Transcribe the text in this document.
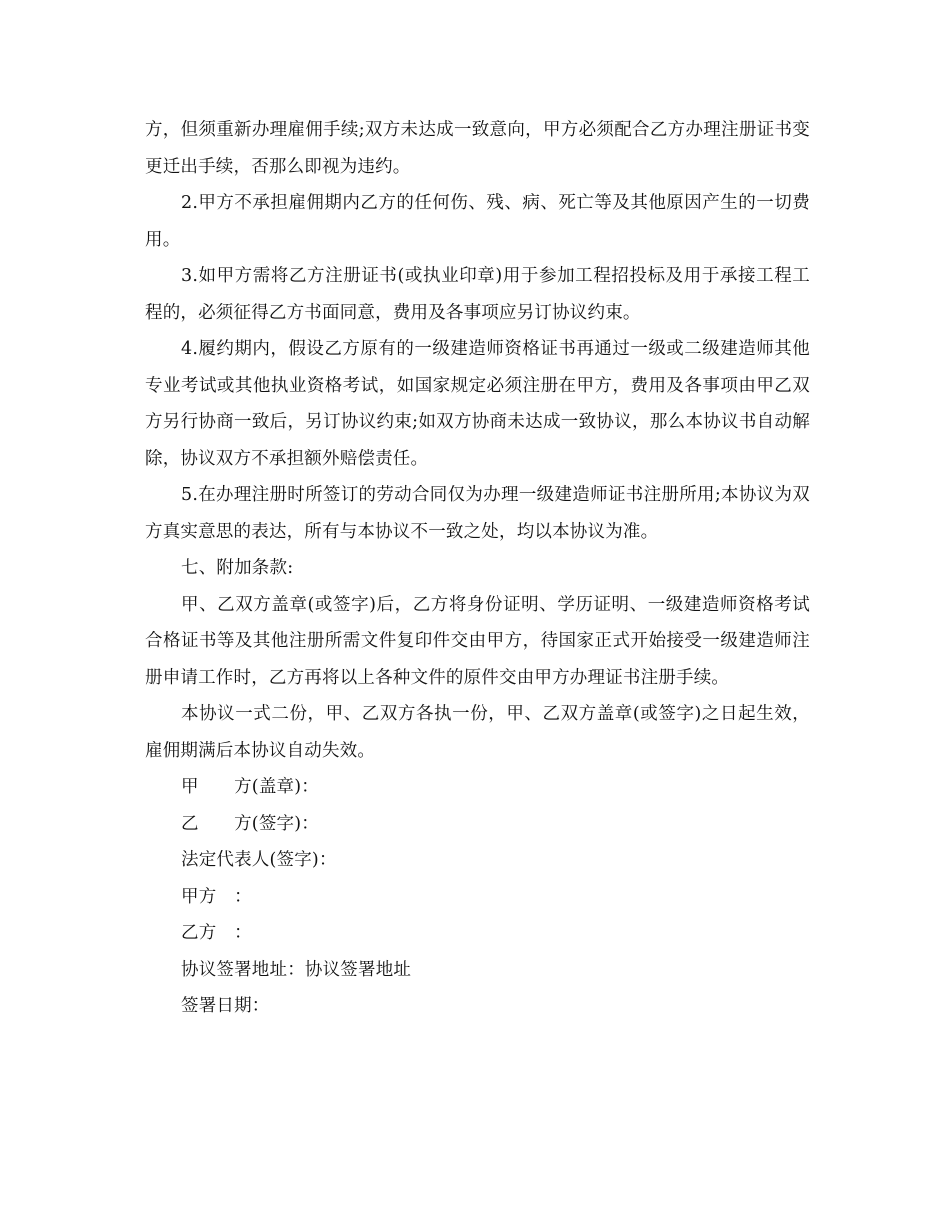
方，但须重新办理雇佣手续;双方未达成一致意向，甲方必须配合乙方办理注册证书变更迁出手续，否那么即视为违约。

2.甲方不承担雇佣期内乙方的任何伤、残、病、死亡等及其他原因产生的一切费用。

3.如甲方需将乙方注册证书(或执业印章)用于参加工程招投标及用于承接工程工程的，必须征得乙方书面同意，费用及各事项应另订协议约束。

4.履约期内，假设乙方原有的一级建造师资格证书再通过一级或二级建造师其他专业考试或其他执业资格考试，如国家规定必须注册在甲方，费用及各事项由甲乙双方另行协商一致后，另订协议约束;如双方协商未达成一致协议，那么本协议书自动解除，协议双方不承担额外赔偿责任。

5.在办理注册时所签订的劳动合同仅为办理一级建造师证书注册所用;本协议为双方真实意思的表达，所有与本协议不一致之处，均以本协议为准。

七、附加条款:

甲、乙双方盖章(或签字)后，乙方将身份证明、学历证明、一级建造师资格考试合格证书等及其他注册所需文件复印件交由甲方，待国家正式开始接受一级建造师注册申请工作时，乙方再将以上各种文件的原件交由甲方办理证书注册手续。

本协议一式二份，甲、乙双方各执一份，甲、乙双方盖章(或签字)之日起生效，雇佣期满后本协议自动失效。

甲　　方(盖章)：

乙　　方(签字)：

法定代表人(签字)：

甲方　：

乙方　：

协议签署地址：协议签署地址

签署日期：
